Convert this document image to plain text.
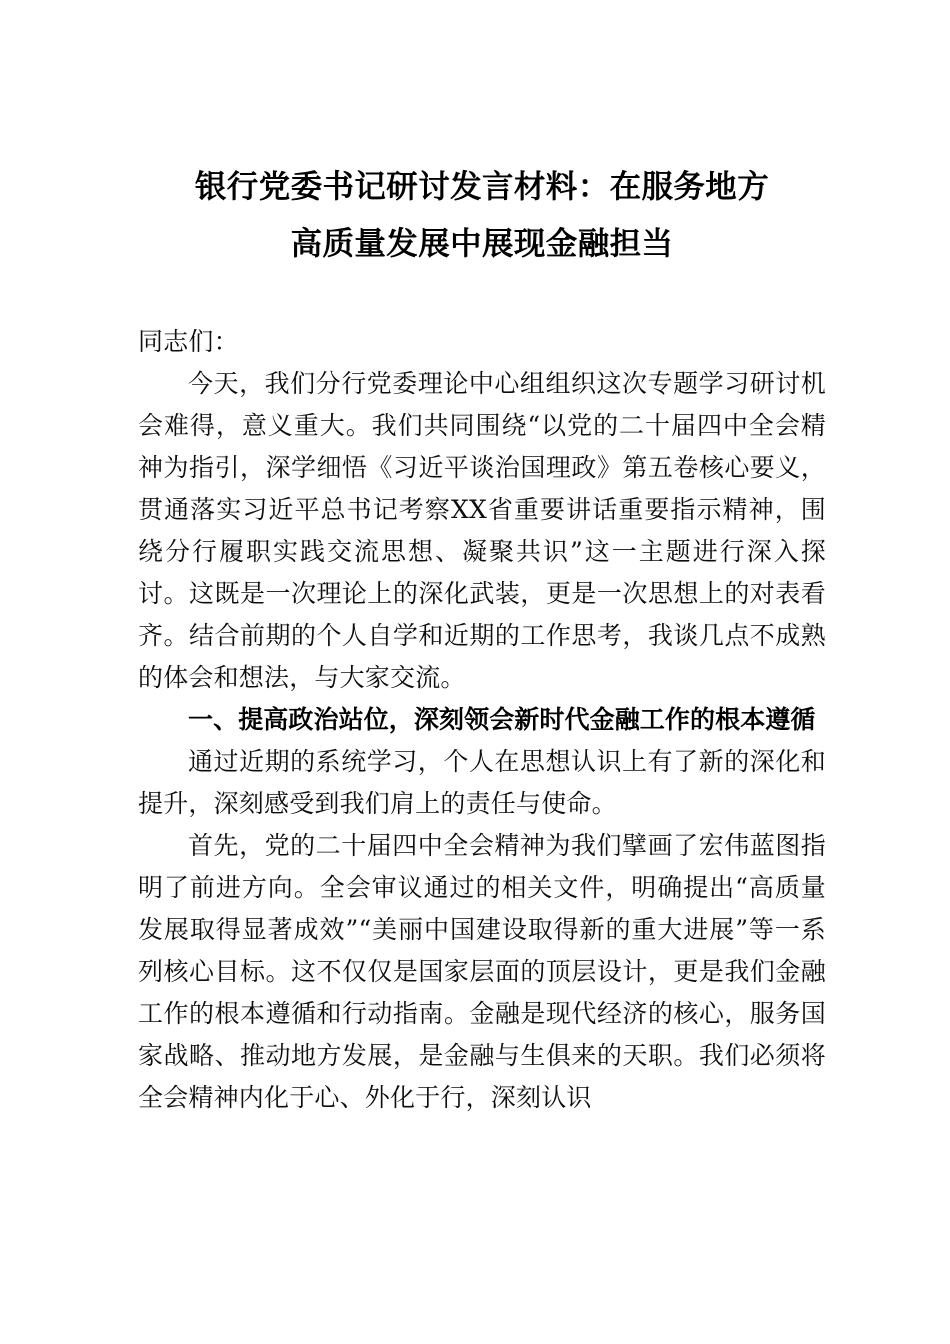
银行党委书记研讨发言材料：在服务地方
高质量发展中展现金融担当

同志们：

今天，我们分行党委理论中心组组织这次专题学习研讨机会难得，意义重大。我们共同围绕“以党的二十届四中全会精神为指引，深学细悟《习近平谈治国理政》第五卷核心要义，贯通落实习近平总书记考察XX省重要讲话重要指示精神，围绕分行履职实践交流思想、凝聚共识”这一主题进行深入探讨。这既是一次理论上的深化武装，更是一次思想上的对表看齐。结合前期的个人自学和近期的工作思考，我谈几点不成熟的体会和想法，与大家交流。

一、提高政治站位，深刻领会新时代金融工作的根本遵循

通过近期的系统学习，个人在思想认识上有了新的深化和提升，深刻感受到我们肩上的责任与使命。

首先，党的二十届四中全会精神为我们擘画了宏伟蓝图指明了前进方向。全会审议通过的相关文件，明确提出“高质量发展取得显著成效”“美丽中国建设取得新的重大进展”等一系列核心目标。这不仅仅是国家层面的顶层设计，更是我们金融工作的根本遵循和行动指南。金融是现代经济的核心，服务国家战略、推动地方发展，是金融与生俱来的天职。我们必须将全会精神内化于心、外化于行，深刻认识
